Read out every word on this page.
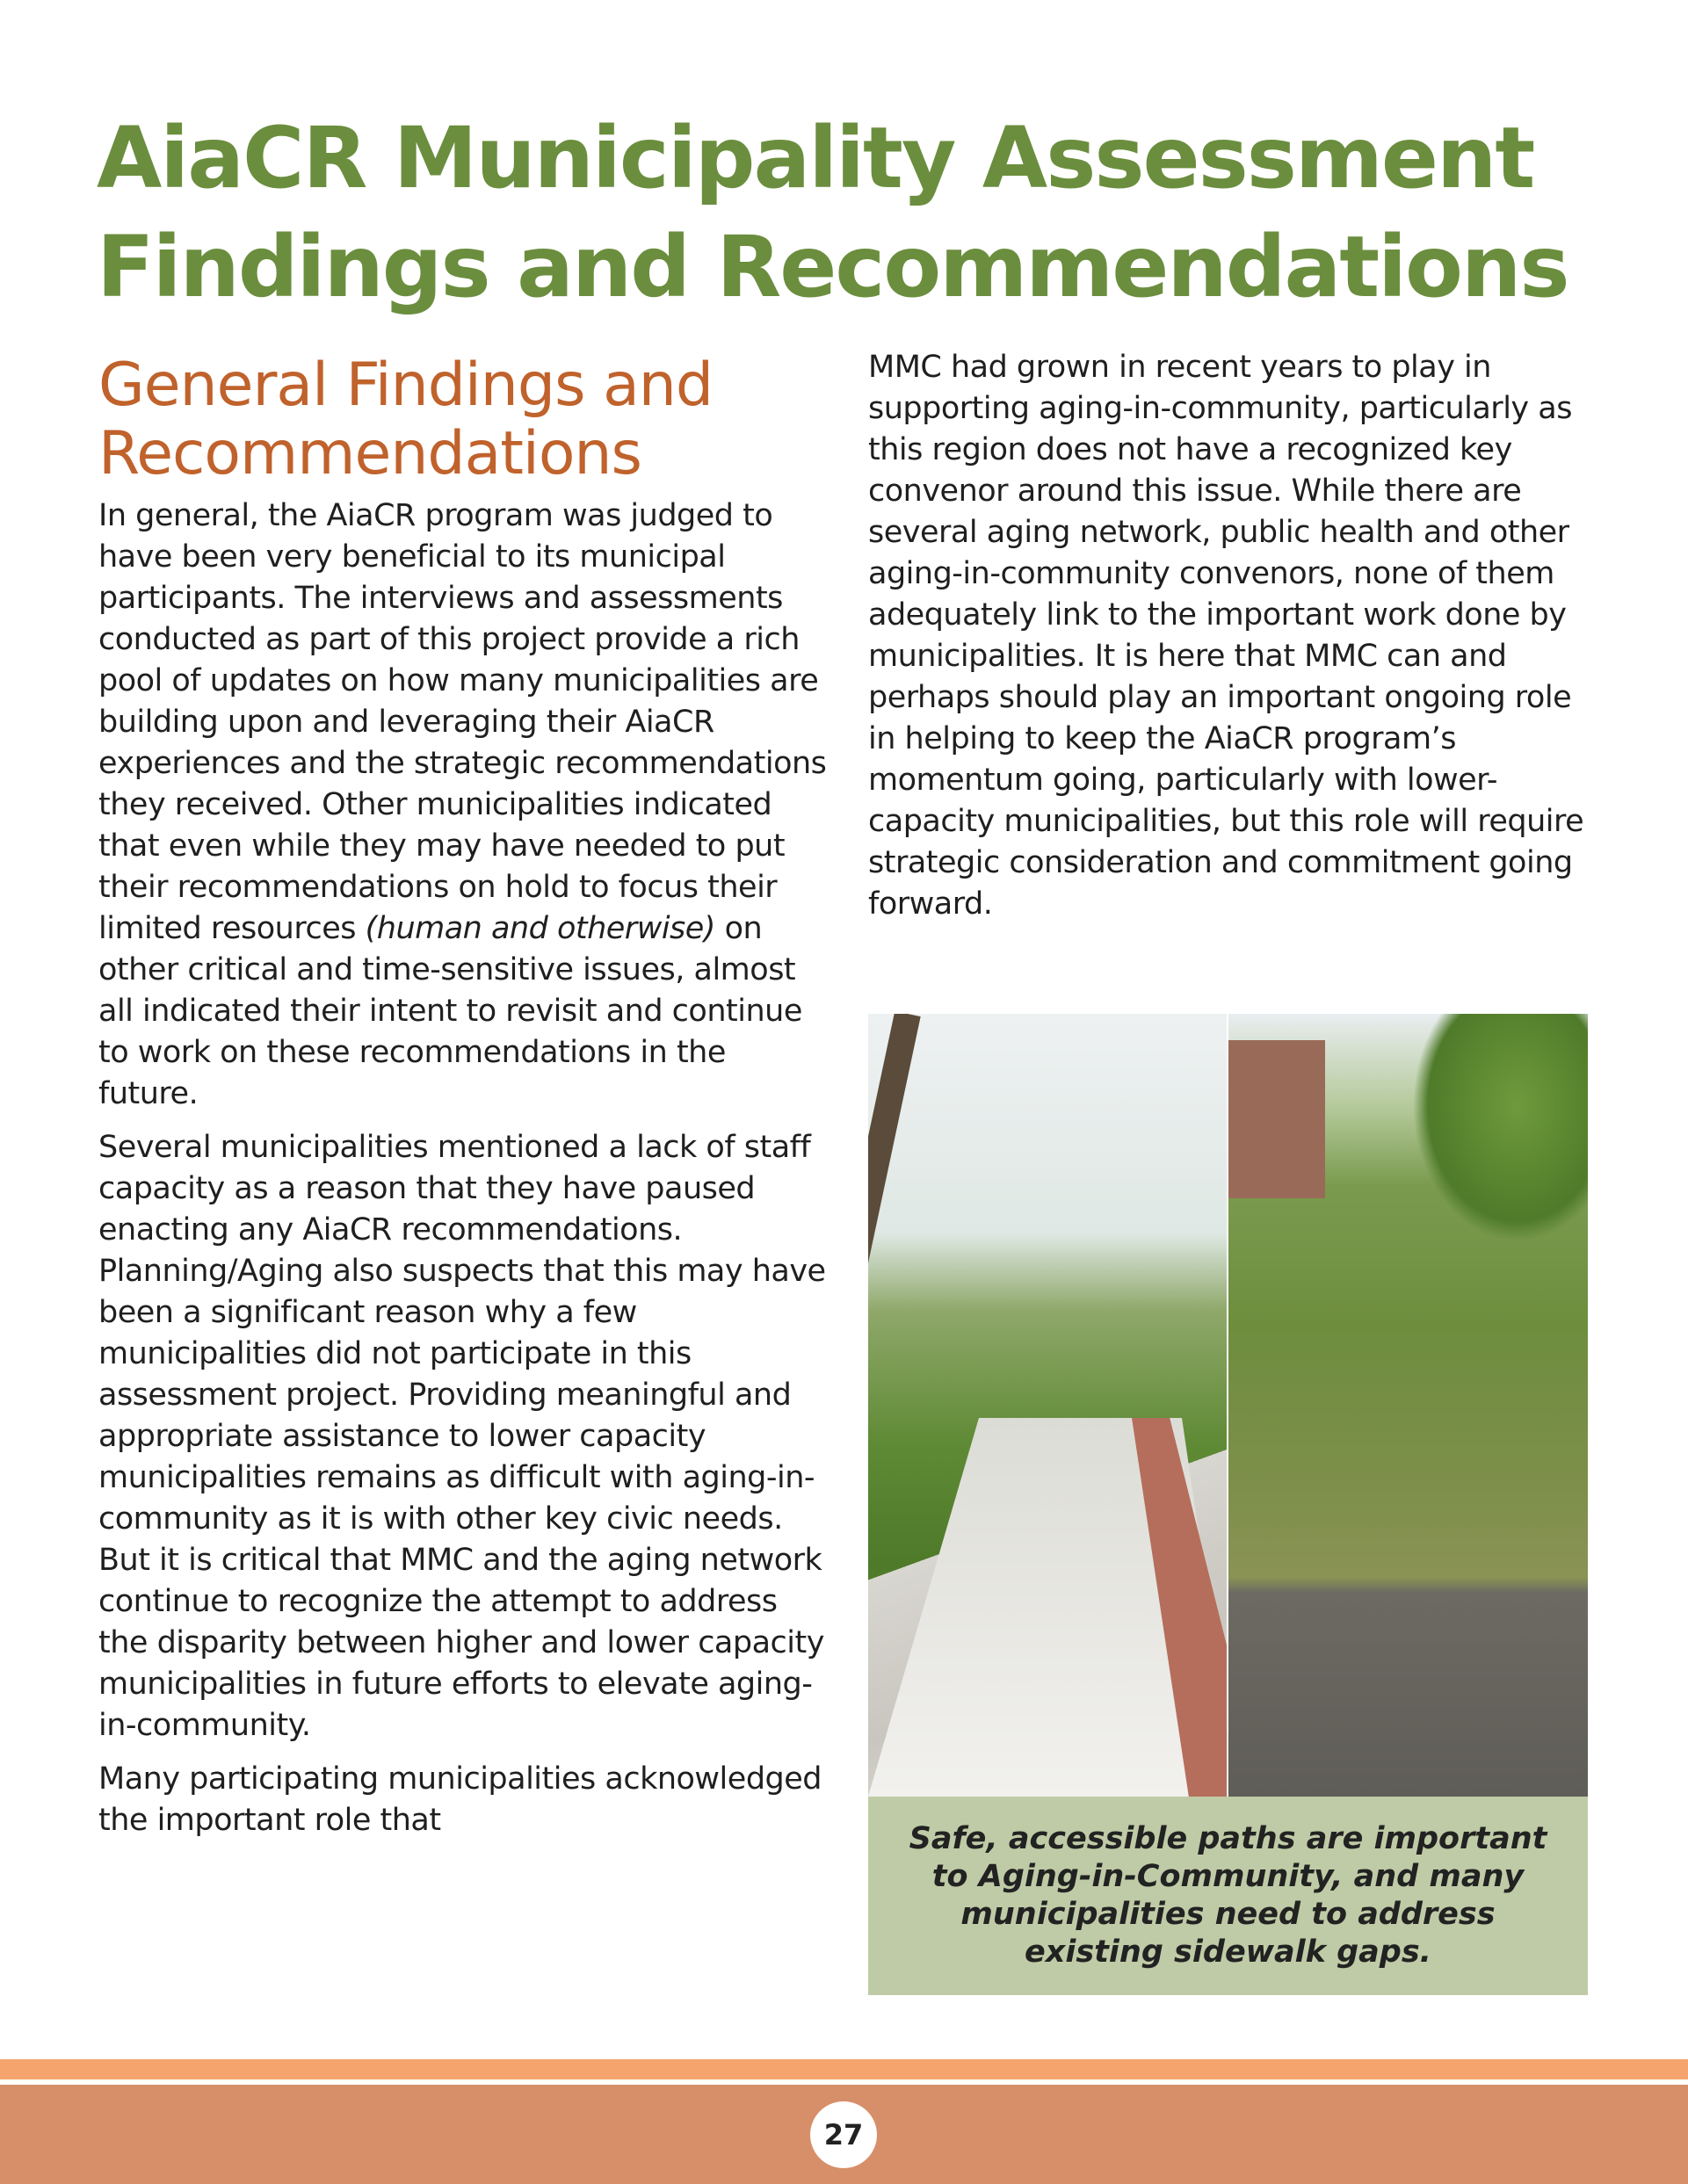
AiaCR Municipality Assessment
Findings and Recommendations
General Findings and Recommendations

In general, the AiaCR program was judged to have been very beneficial to its municipal participants. The interviews and assessments conducted as part of this project provide a rich pool of updates on how many municipalities are building upon and leveraging their AiaCR experiences and the strategic recommendations they received. Other municipalities indicated that even while they may have needed to put their recommendations on hold to focus their limited resources (human and otherwise) on other critical and time-sensitive issues, almost all indicated their intent to revisit and continue to work on these recommendations in the future.

Several municipalities mentioned a lack of staff capacity as a reason that they have paused enacting any AiaCR recommendations. Planning/Aging also suspects that this may have been a significant reason why a few municipalities did not participate in this assessment project. Providing meaningful and appropriate assistance to lower capacity municipalities remains as difficult with aging-in-community as it is with other key civic needs. But it is critical that MMC and the aging network continue to recognize the attempt to address the disparity between higher and lower capacity municipalities in future efforts to elevate aging-in-community.

Many participating municipalities acknowledged the important role that

MMC had grown in recent years to play in supporting aging-in-community, particularly as this region does not have a recognized key convenor around this issue. While there are several aging network, public health and other aging-in-community convenors, none of them adequately link to the important work done by municipalities. It is here that MMC can and perhaps should play an important ongoing role in helping to keep the AiaCR program’s momentum going, particularly with lower-capacity municipalities, but this role will require strategic consideration and commitment going forward.

Safe, accessible paths are important to Aging-in-Community, and many municipalities need to address existing sidewalk gaps.

27
